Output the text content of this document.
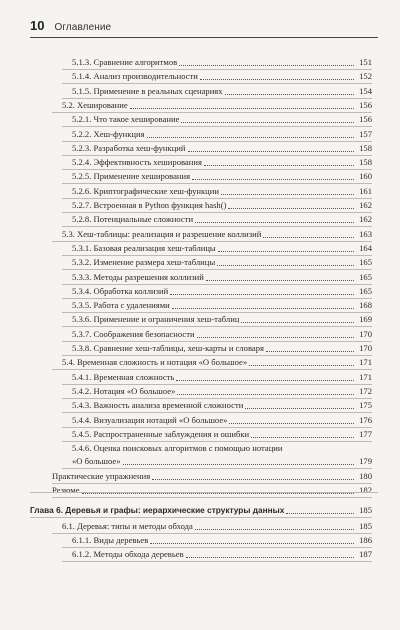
10 Оглавление
5.1.3. Сравнение алгоритмов	151
5.1.4. Анализ производительности	152
5.1.5. Применение в реальных сценариях	154
5.2. Хеширование	156
5.2.1. Что такое хеширование	156
5.2.2. Хеш-функция	157
5.2.3. Разработка хеш-функций	158
5.2.4. Эффективность хеширования	158
5.2.5. Применение хеширования	160
5.2.6. Криптографические хеш-функции	161
5.2.7. Встроенная в Python функция hash()	162
5.2.8. Потенциальные сложности	162
5.3. Хеш-таблицы: реализация и разрешение коллизий	163
5.3.1. Базовая реализация хеш-таблицы	164
5.3.2. Изменение размера хеш-таблицы	165
5.3.3. Методы разрешения коллизий	165
5.3.4. Обработка коллизий	165
5.3.5. Работа с удалениями	168
5.3.6. Применение и ограничения хеш-таблиц	169
5.3.7. Соображения безопасности	170
5.3.8. Сравнение хеш-таблицы, хеш-карты и словаря	170
5.4. Временная сложность и нотация «О большое»	171
5.4.1. Временная сложность	171
5.4.2. Нотация «О большое»	172
5.4.3. Важность анализа временной сложности	175
5.4.4. Визуализация нотаций «О большое»	176
5.4.5. Распространенные заблуждения и ошибки	177
5.4.6. Оценка поисковых алгоритмов с помощью нотации
«О большое»	179
Практические упражнения	180
Резюме	182
Глава 6. Деревья и графы: иерархические структуры данных	185
6.1. Деревья: типы и методы обхода	185
6.1.1. Виды деревьев	186
6.1.2. Методы обхода деревьев	187
